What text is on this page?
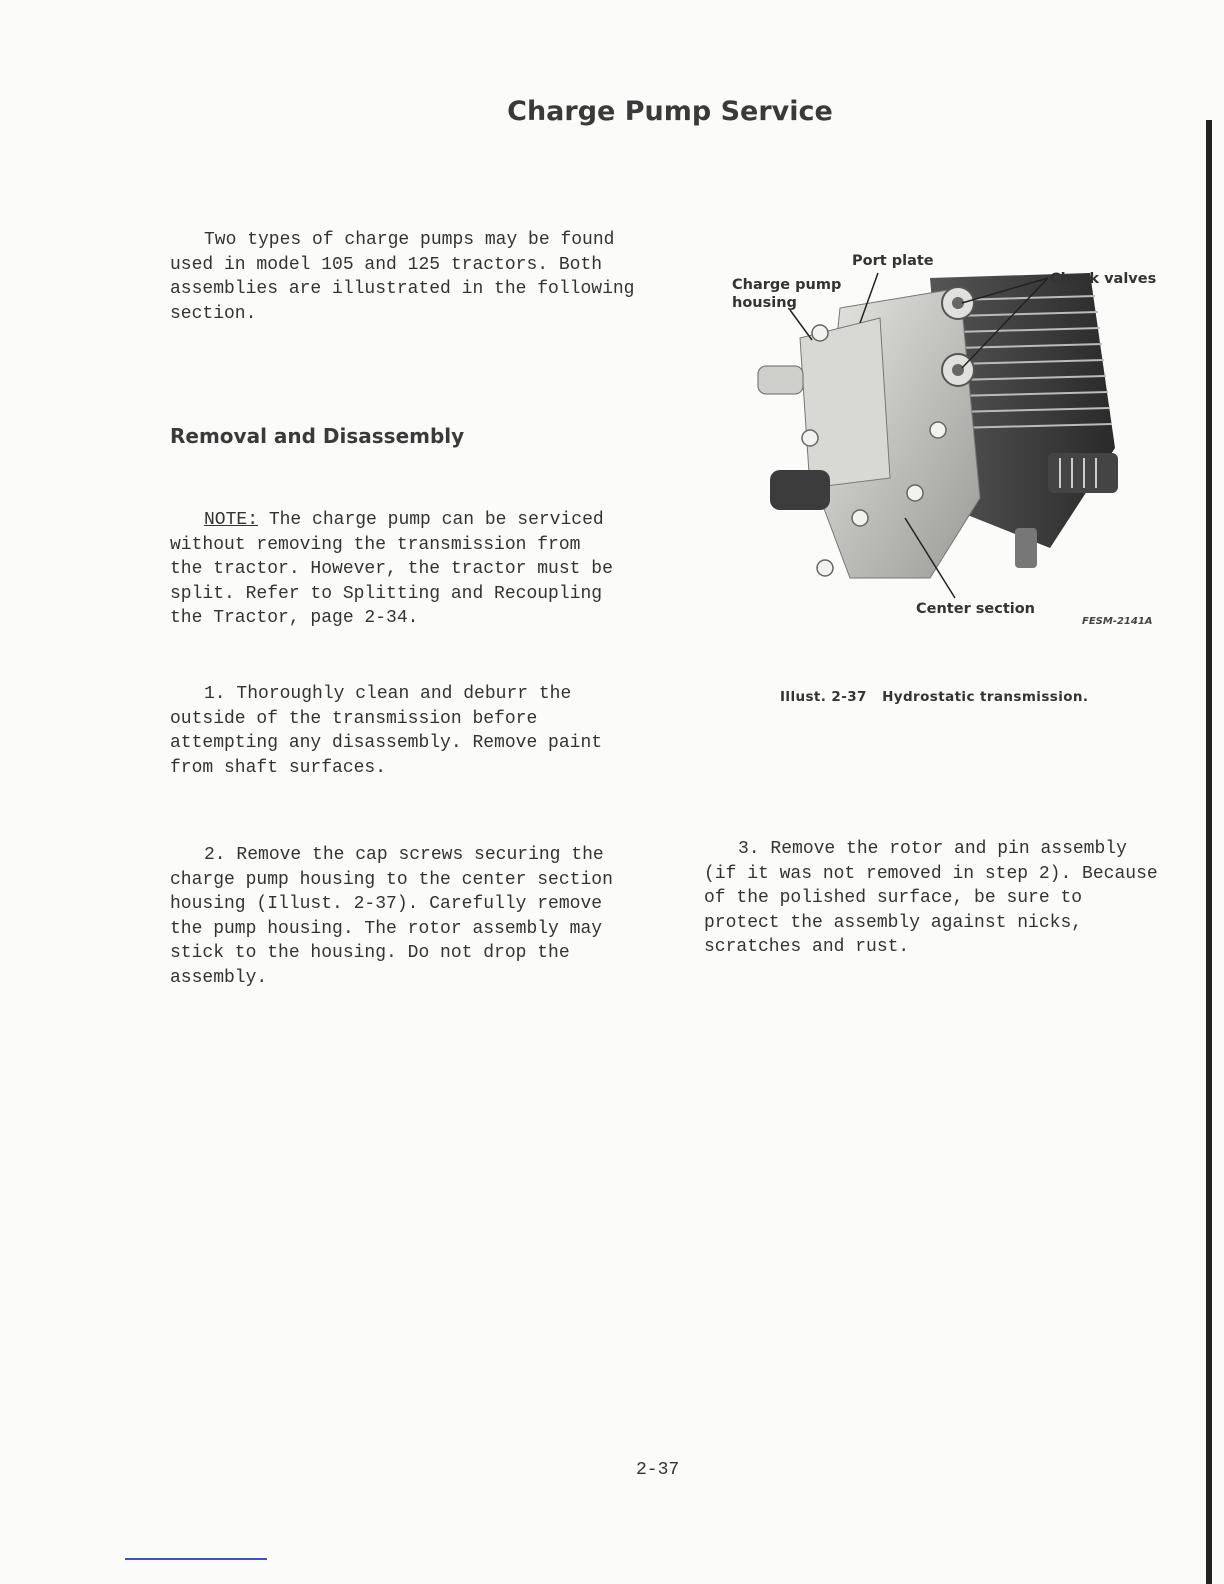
Charge Pump Service
Two types of charge pumps may be found used in model 105 and 125 tractors. Both assemblies are illustrated in the following section.
Removal and Disassembly
NOTE: The charge pump can be serviced without removing the transmission from the tractor. However, the tractor must be split. Refer to Splitting and Recoupling the Tractor, page 2-34.
1. Thoroughly clean and deburr the outside of the transmission before attempting any disassembly. Remove paint from shaft surfaces.
2. Remove the cap screws securing the charge pump housing to the center section housing (Illust. 2-37). Carefully remove the pump housing. The rotor assembly may stick to the housing. Do not drop the assembly.
3. Remove the rotor and pin assembly (if it was not removed in step 2). Because of the polished surface, be sure to protect the assembly against nicks, scratches and rust.
Port plate
Charge pump
housing
Check valves
Center section
FESM-2141A
Illust. 2-37   Hydrostatic transmission.
2-37
